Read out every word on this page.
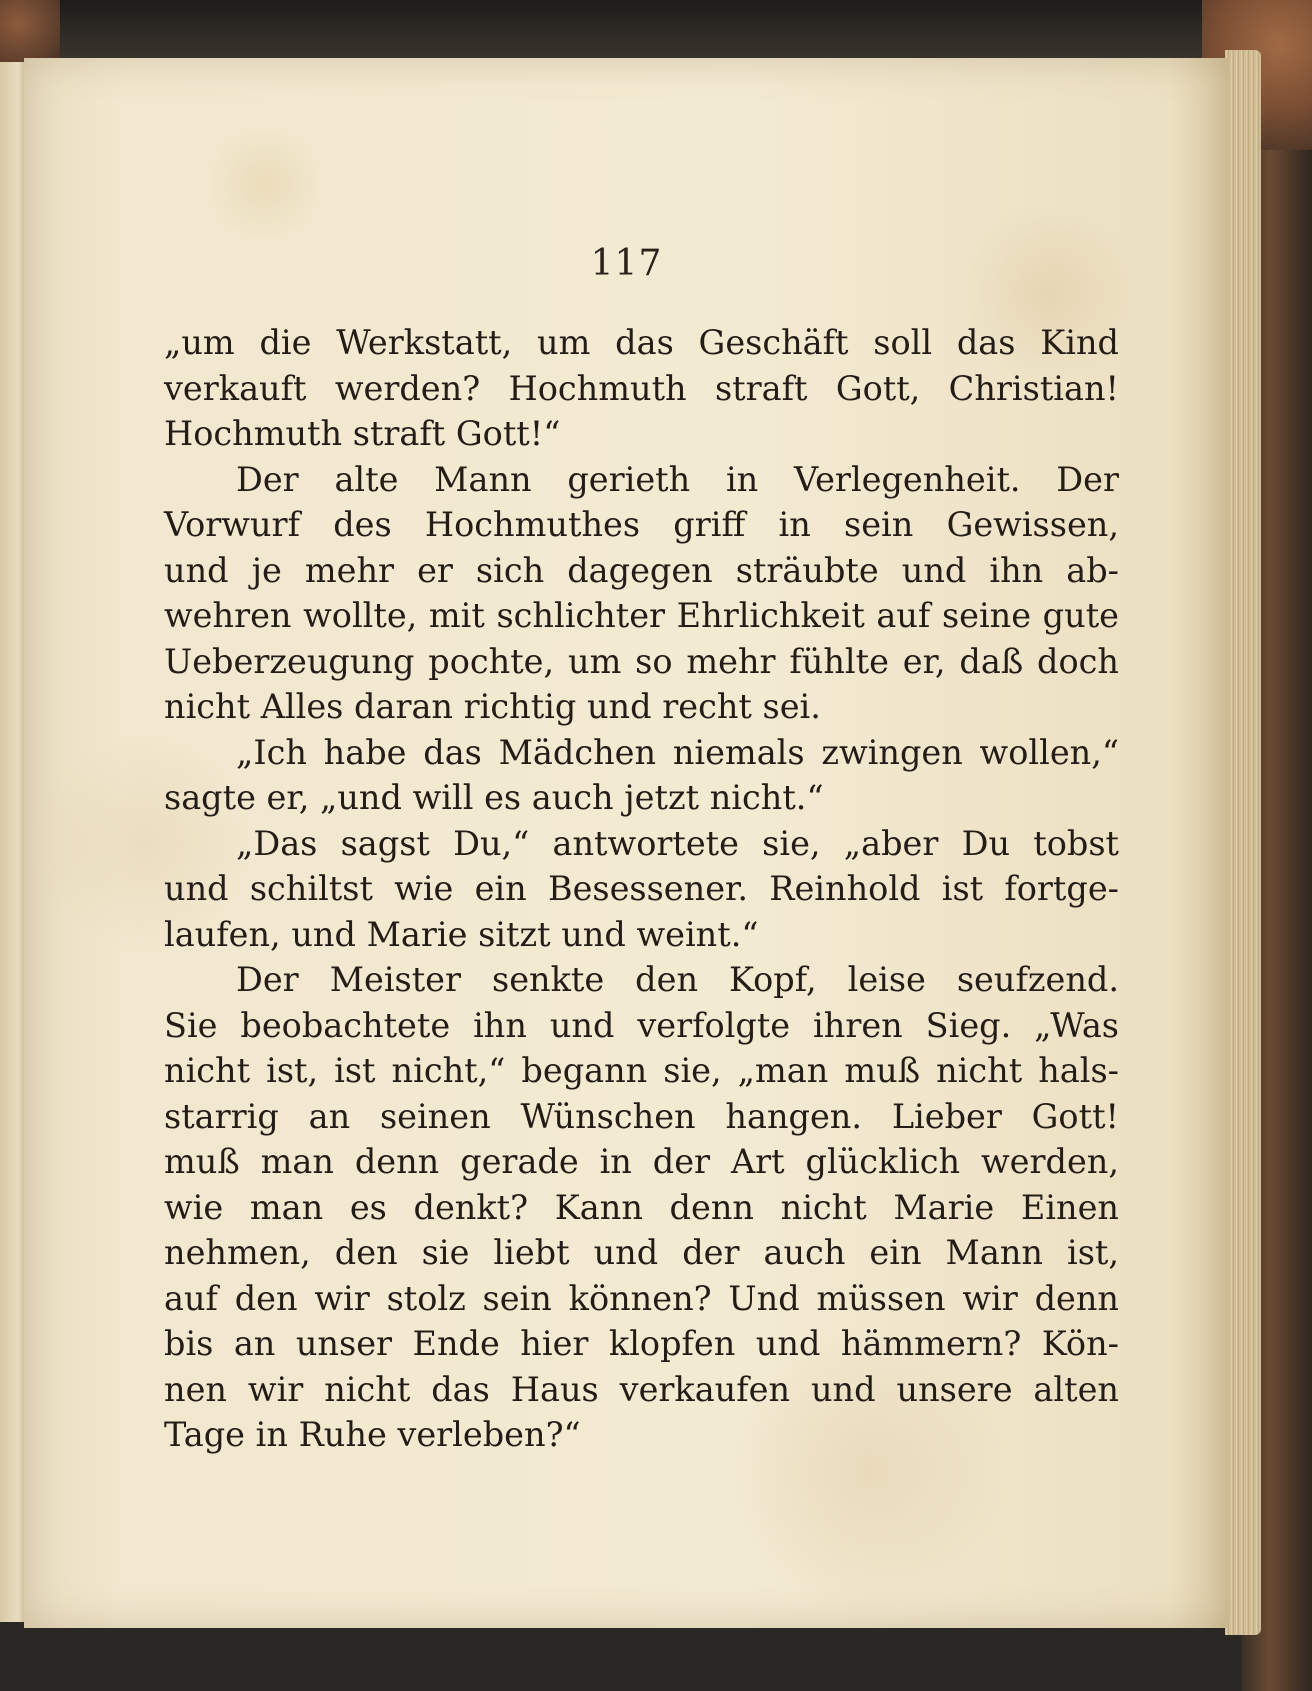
117
„um die Werkstatt, um das Geschäft soll das Kind
verkauft werden? Hochmuth straft Gott, Christian!
Hochmuth straft Gott!“
Der alte Mann gerieth in Verlegenheit. Der
Vorwurf des Hochmuthes griff in sein Gewissen,
und je mehr er sich dagegen sträubte und ihn ab-
wehren wollte, mit schlichter Ehrlichkeit auf seine gute
Ueberzeugung pochte, um so mehr fühlte er, daß doch
nicht Alles daran richtig und recht sei.
„Ich habe das Mädchen niemals zwingen wollen,“
sagte er, „und will es auch jetzt nicht.“
„Das sagst Du,“ antwortete sie, „aber Du tobst
und schiltst wie ein Besessener. Reinhold ist fortge-
laufen, und Marie sitzt und weint.“
Der Meister senkte den Kopf, leise seufzend.
Sie beobachtete ihn und verfolgte ihren Sieg. „Was
nicht ist, ist nicht,“ begann sie, „man muß nicht hals-
starrig an seinen Wünschen hangen. Lieber Gott!
muß man denn gerade in der Art glücklich werden,
wie man es denkt? Kann denn nicht Marie Einen
nehmen, den sie liebt und der auch ein Mann ist,
auf den wir stolz sein können? Und müssen wir denn
bis an unser Ende hier klopfen und hämmern? Kön-
nen wir nicht das Haus verkaufen und unsere alten
Tage in Ruhe verleben?“
